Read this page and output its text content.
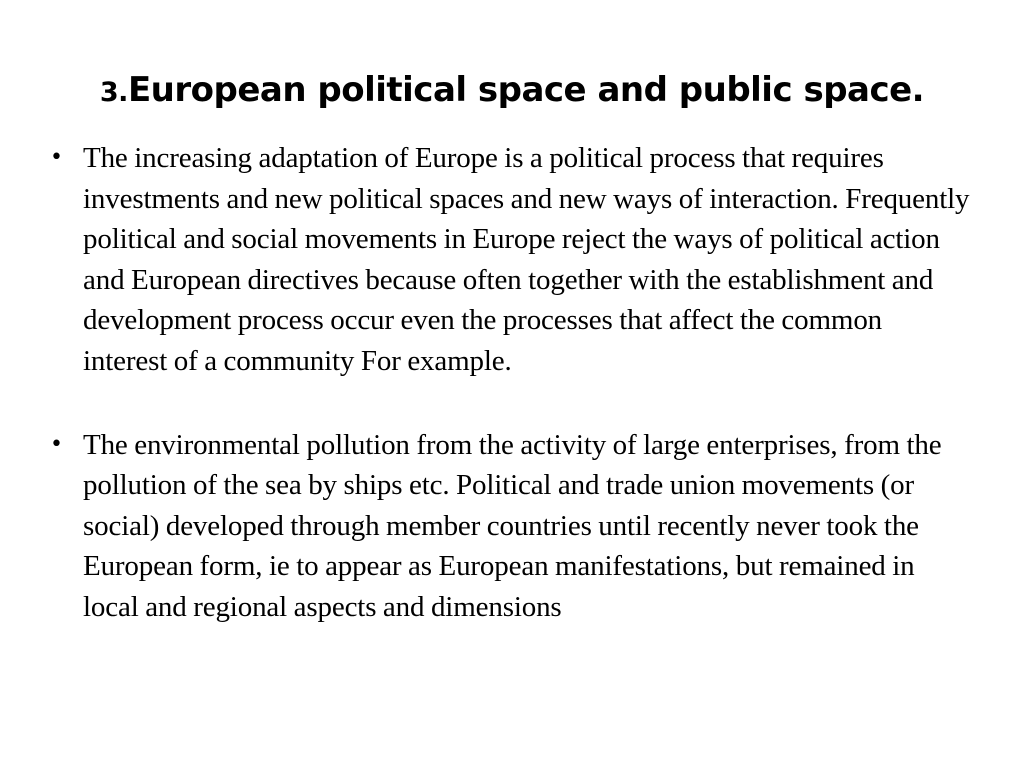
3.European political space and public space.
• The increasing adaptation of Europe is a political process that requires investments and new political spaces and new ways of interaction. Frequently political and social movements in Europe reject the ways of political action and European directives because often together with the establishment and development process occur even the processes that affect the common interest of a community For example.
• The environmental pollution from the activity of large enterprises, from the pollution of the sea by ships etc. Political and trade union movements (or social) developed through member countries until recently never took the European form, ie to appear as European manifestations, but remained in local and regional aspects and dimensions
